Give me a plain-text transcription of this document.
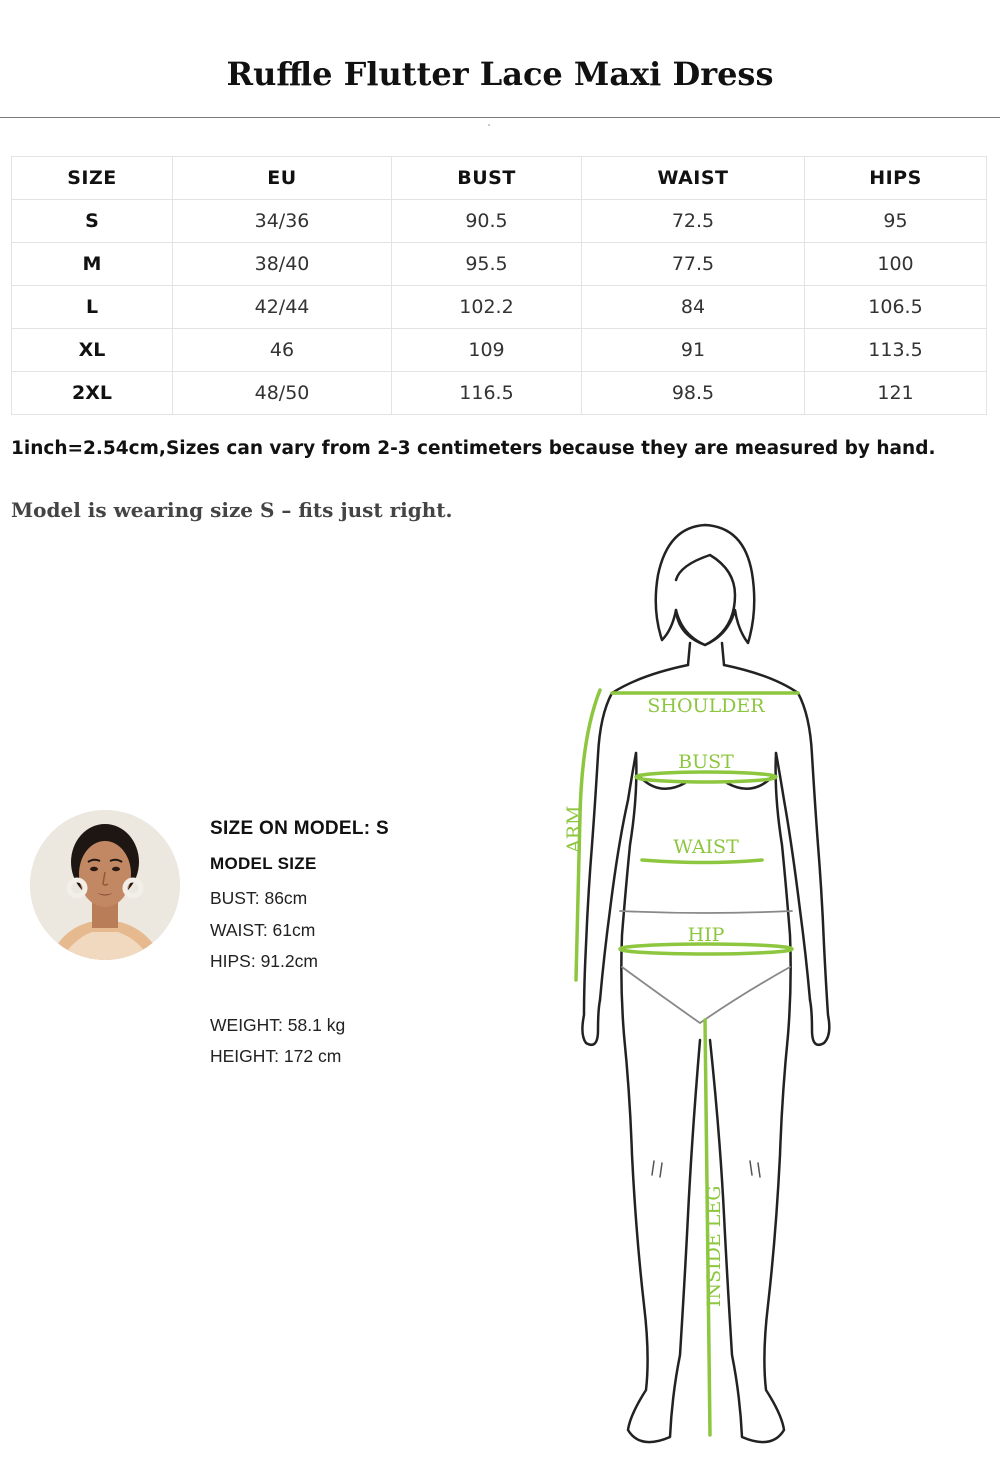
Ruffle Flutter Lace Maxi Dress
SIZE	EU	BUST	WAIST	HIPS
S	34/36	90.5	72.5	95
M	38/40	95.5	77.5	100
L	42/44	102.2	84	106.5
XL	46	109	91	113.5
2XL	48/50	116.5	98.5	121
1inch=2.54cm,Sizes can vary from 2-3 centimeters because they are measured by hand.
Model is wearing size S – fits just right.
SIZE ON MODEL: S
MODEL SIZE
BUST: 86cm
WAIST: 61cm
HIPS: 91.2cm
WEIGHT: 58.1 kg
HEIGHT: 172 cm
SHOULDER
BUST
WAIST
HIP
ARM
INSIDE LEG
